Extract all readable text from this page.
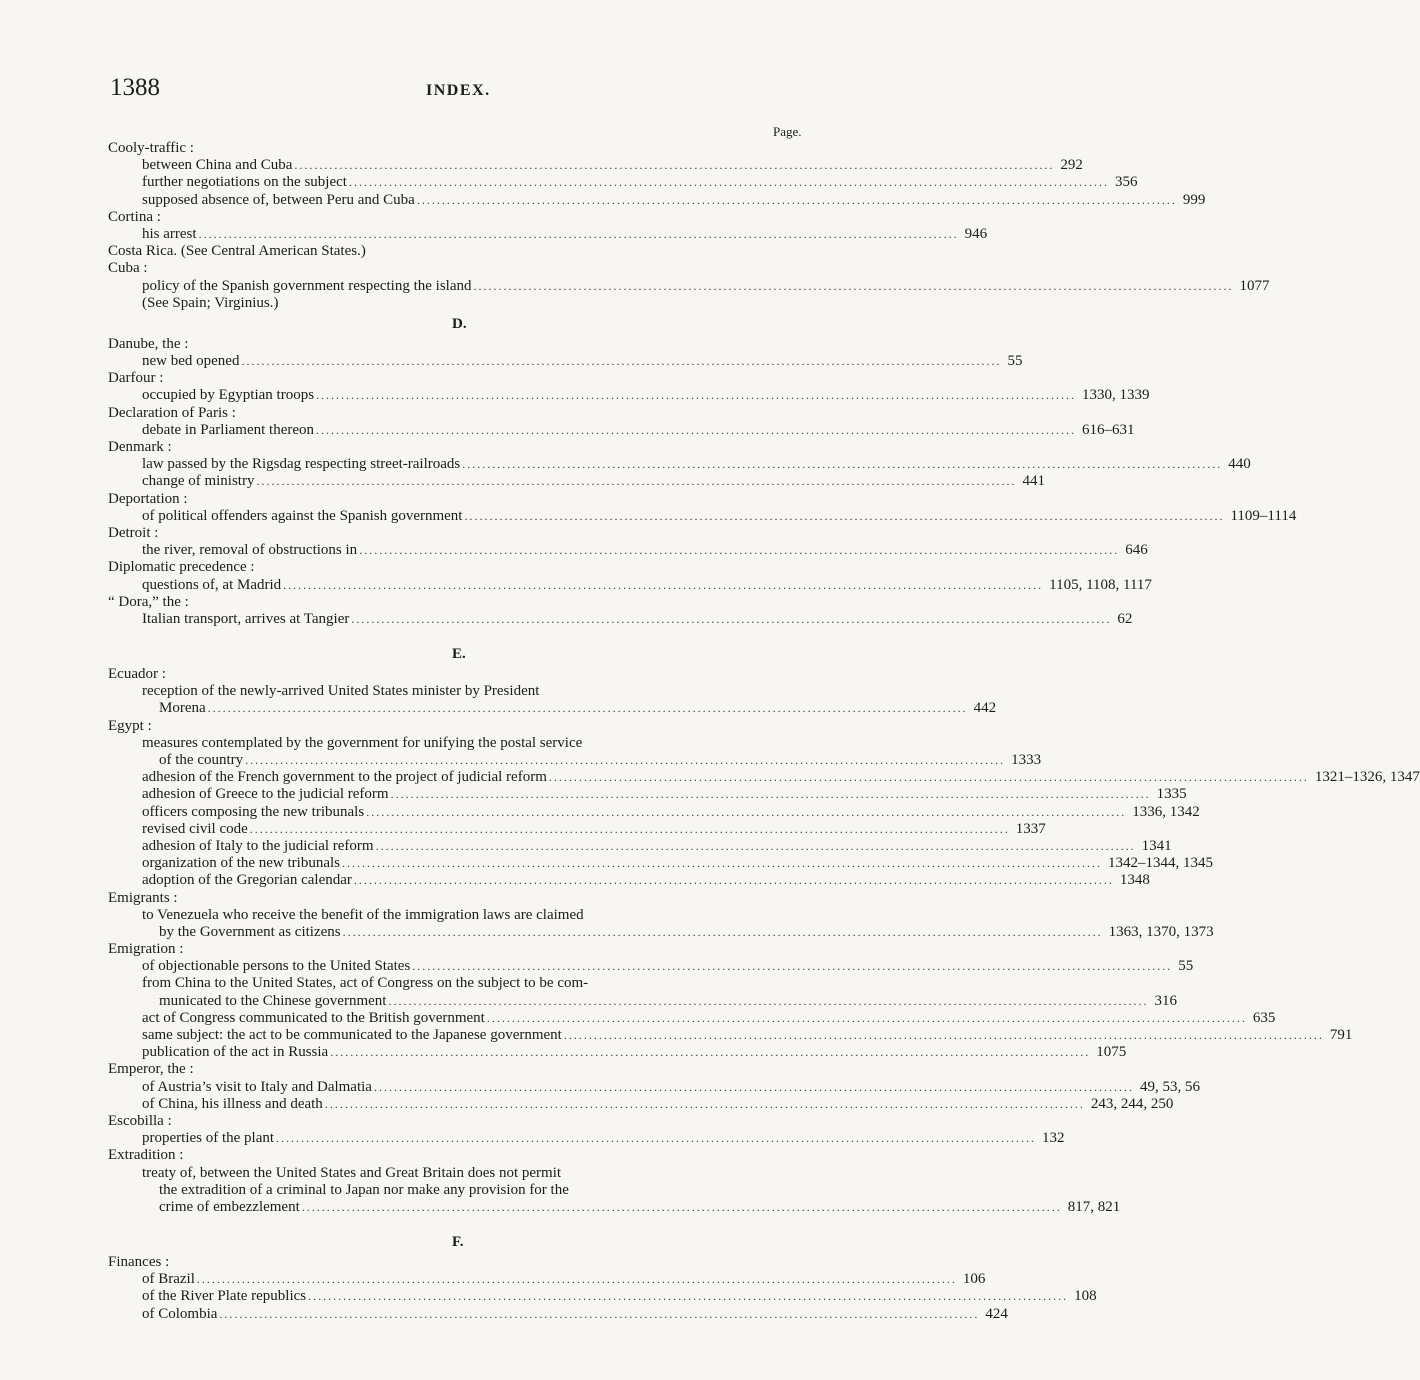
1388	INDEX.
Page.
Cooly-traffic :
between China and Cuba ........................................................................................................................................................ 292
further negotiations on the subject ........................................................................................................................................................ 356
supposed absence of, between Peru and Cuba ........................................................................................................................................................ 999
Cortina :
his arrest ........................................................................................................................................................ 946
Costa Rica. (See Central American States.)
Cuba :
policy of the Spanish government respecting the island ........................................................................................................................................................ 1077
(See Spain; Virginius.)
D.
Danube, the :
new bed opened ........................................................................................................................................................ 55
Darfour :
occupied by Egyptian troops ........................................................................................................................................................ 1330, 1339
Declaration of Paris :
debate in Parliament thereon ........................................................................................................................................................ 616–631
Denmark :
law passed by the Rigsdag respecting street-railroads ........................................................................................................................................................ 440
change of ministry ........................................................................................................................................................ 441
Deportation :
of political offenders against the Spanish government ........................................................................................................................................................ 1109–1114
Detroit :
the river, removal of obstructions in ........................................................................................................................................................ 646
Diplomatic precedence :
questions of, at Madrid ........................................................................................................................................................ 1105, 1108, 1117
“ Dora,” the :
Italian transport, arrives at Tangier ........................................................................................................................................................ 62
E.
Ecuador :
reception of the newly-arrived United States minister by President
Morena ........................................................................................................................................................ 442
Egypt :
measures contemplated by the government for unifying the postal service
of the country ........................................................................................................................................................ 1333
adhesion of the French government to the project of judicial reform ........................................................................................................................................................ 1321–1326, 1347
adhesion of Greece to the judicial reform ........................................................................................................................................................ 1335
officers composing the new tribunals ........................................................................................................................................................ 1336, 1342
revised civil code ........................................................................................................................................................ 1337
adhesion of Italy to the judicial reform ........................................................................................................................................................ 1341
organization of the new tribunals ........................................................................................................................................................ 1342–1344, 1345
adoption of the Gregorian calendar ........................................................................................................................................................ 1348
Emigrants :
to Venezuela who receive the benefit of the immigration laws are claimed
by the Government as citizens ........................................................................................................................................................ 1363, 1370, 1373
Emigration :
of objectionable persons to the United States ........................................................................................................................................................ 55
from China to the United States, act of Congress on the subject to be com-
municated to the Chinese government ........................................................................................................................................................ 316
act of Congress communicated to the British government ........................................................................................................................................................ 635
same subject: the act to be communicated to the Japanese government ........................................................................................................................................................ 791
publication of the act in Russia ........................................................................................................................................................ 1075
Emperor, the :
of Austria’s visit to Italy and Dalmatia ........................................................................................................................................................ 49, 53, 56
of China, his illness and death ........................................................................................................................................................ 243, 244, 250
Escobilla :
properties of the plant ........................................................................................................................................................ 132
Extradition :
treaty of, between the United States and Great Britain does not permit
the extradition of a criminal to Japan nor make any provision for the
crime of embezzlement ........................................................................................................................................................ 817, 821
F.
Finances :
of Brazil ........................................................................................................................................................ 106
of the River Plate republics ........................................................................................................................................................ 108
of Colombia ........................................................................................................................................................ 424
